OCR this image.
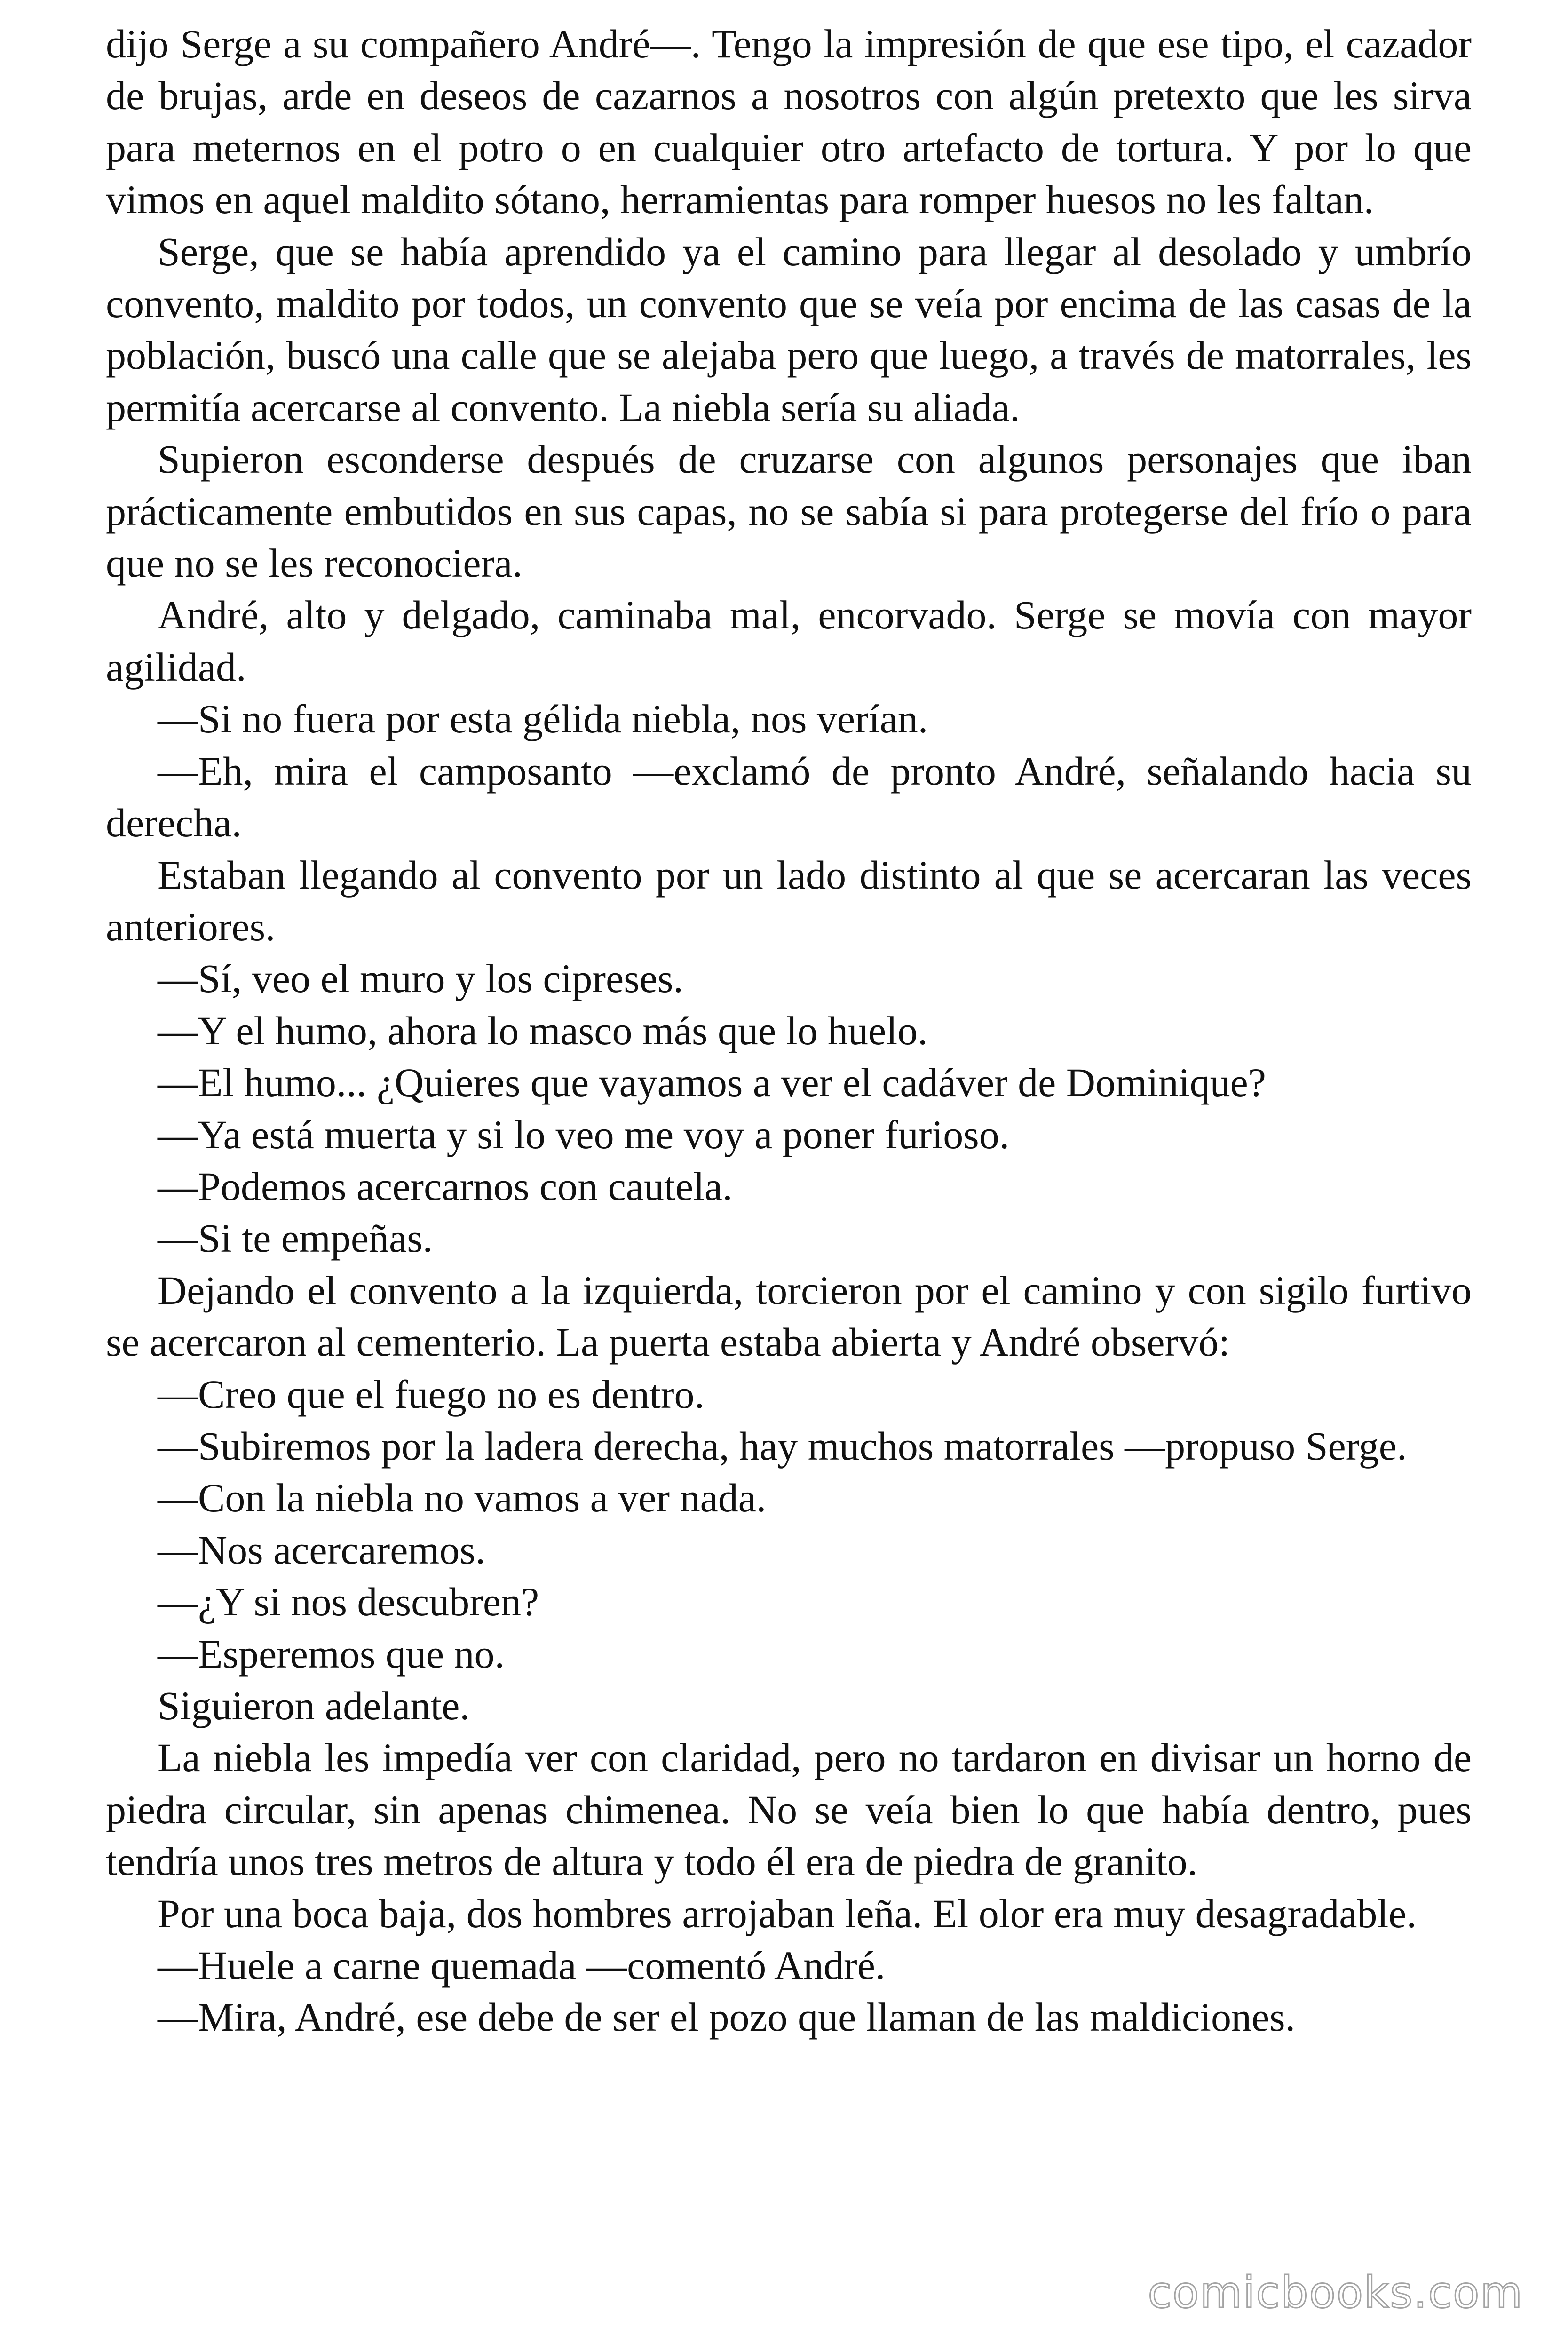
dijo Serge a su compañero André—. Tengo la impresión de que ese tipo, el cazador de brujas, arde en deseos de cazarnos a nosotros con algún pretexto que les sirva para meternos en el potro o en cualquier otro artefacto de tortura. Y por lo que vimos en aquel maldito sótano, herramientas para romper huesos no les faltan.

Serge, que se había aprendido ya el camino para llegar al desolado y umbrío convento, maldito por todos, un convento que se veía por encima de las casas de la población, buscó una calle que se alejaba pero que luego, a través de matorrales, les permitía acercarse al convento. La niebla sería su aliada.

Supieron esconderse después de cruzarse con algunos personajes que iban prácticamente embutidos en sus capas, no se sabía si para protegerse del frío o para que no se les reconociera.

André, alto y delgado, caminaba mal, encorvado. Serge se movía con mayor agilidad.

—Si no fuera por esta gélida niebla, nos verían.

—Eh, mira el camposanto —exclamó de pronto André, señalando hacia su derecha.

Estaban llegando al convento por un lado distinto al que se acercaran las veces anteriores.

—Sí, veo el muro y los cipreses.

—Y el humo, ahora lo masco más que lo huelo.

—El humo... ¿Quieres que vayamos a ver el cadáver de Dominique?

—Ya está muerta y si lo veo me voy a poner furioso.

—Podemos acercarnos con cautela.

—Si te empeñas.

Dejando el convento a la izquierda, torcieron por el camino y con sigilo furtivo se acercaron al cementerio. La puerta estaba abierta y André observó:

—Creo que el fuego no es dentro.

—Subiremos por la ladera derecha, hay muchos matorrales —propuso Serge.

—Con la niebla no vamos a ver nada.

—Nos acercaremos.

—¿Y si nos descubren?

—Esperemos que no.

Siguieron adelante.

La niebla les impedía ver con claridad, pero no tardaron en divisar un horno de piedra circular, sin apenas chimenea. No se veía bien lo que había dentro, pues tendría unos tres metros de altura y todo él era de piedra de granito.

Por una boca baja, dos hombres arrojaban leña. El olor era muy desagradable.

—Huele a carne quemada —comentó André.

—Mira, André, ese debe de ser el pozo que llaman de las maldiciones.

comicbooks.com
